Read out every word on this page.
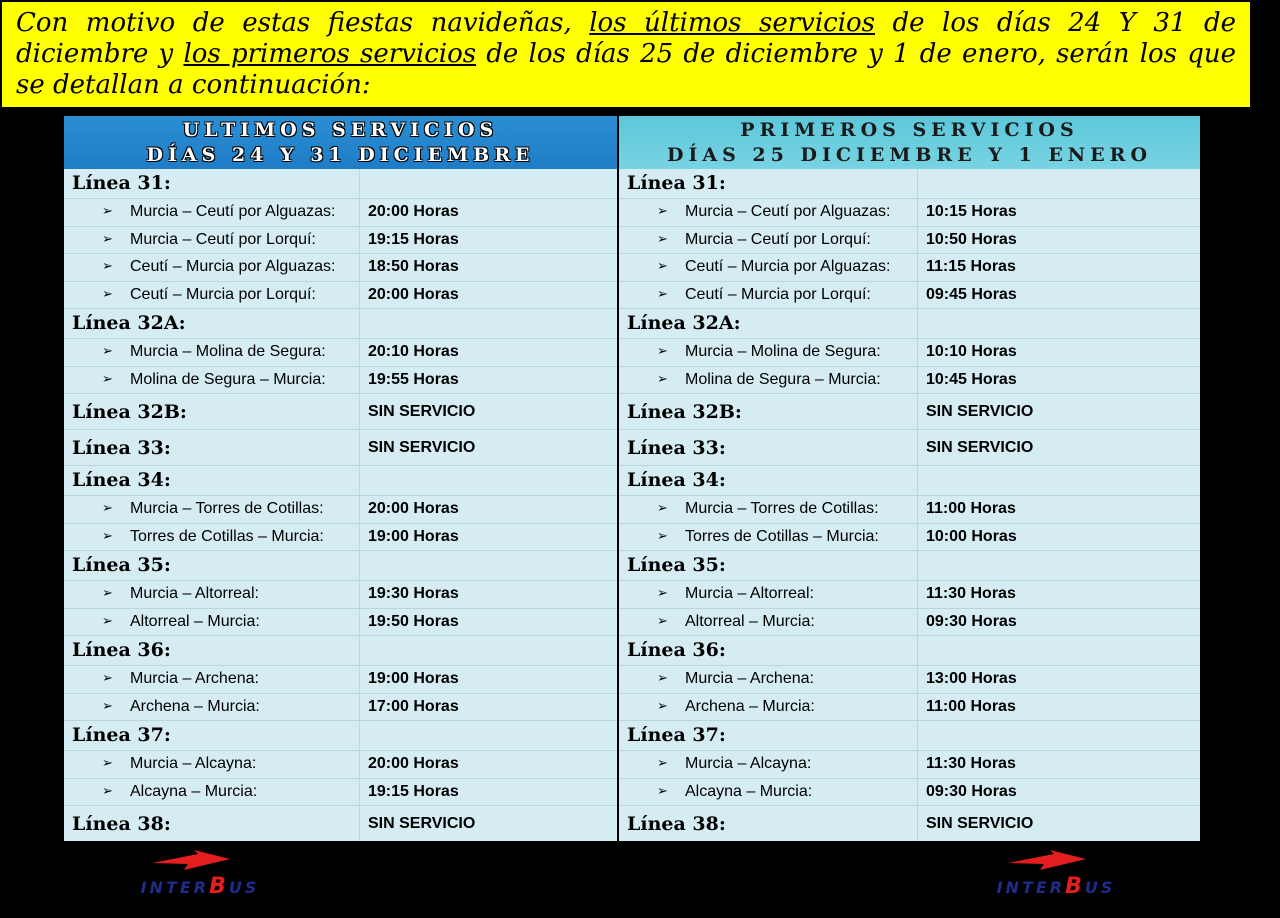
Con motivo de estas fiestas navideñas, los últimos servicios de los días 24 Y 31 de diciembre y los primeros servicios de los días 25 de diciembre y 1 de enero, serán los que se detallan a continuación:

ULTIMOS SERVICIOS
DÍAS 24 Y 31 DICIEMBRE
Línea 31:
➢ Murcia – Ceutí por Alguazas: 20:00 Horas
➢ Murcia – Ceutí por Lorquí:	19:15 Horas
➢ Ceutí – Murcia por Alguazas: 18:50 Horas
➢ Ceutí – Murcia por Lorquí:	20:00 Horas
Línea 32A:
➢ Murcia – Molina de Segura:	20:10 Horas
➢ Molina de Segura – Murcia:	19:55 Horas
Línea 32B:	SIN SERVICIO
Línea 33:	SIN SERVICIO
Línea 34:
➢ Murcia – Torres de Cotillas:	20:00 Horas
➢ Torres de Cotillas – Murcia:	19:00 Horas
Línea 35:
➢ Murcia – Altorreal:	19:30 Horas
➢ Altorreal – Murcia:	19:50 Horas
Línea 36:
➢ Murcia – Archena:	19:00 Horas
➢ Archena – Murcia:	17:00 Horas
Línea 37:
➢ Murcia – Alcayna:	20:00 Horas
➢ Alcayna – Murcia:	19:15 Horas
Línea 38:	SIN SERVICIO
PRIMEROS SERVICIOS
DÍAS 25 DICIEMBRE Y 1 ENERO
Línea 31:
➢ Murcia – Ceutí por Alguazas: 10:15 Horas
➢ Murcia – Ceutí por Lorquí:	10:50 Horas
➢ Ceutí – Murcia por Alguazas: 11:15 Horas
➢ Ceutí – Murcia por Lorquí:	09:45 Horas
Línea 32A:
➢ Murcia – Molina de Segura:	10:10 Horas
➢ Molina de Segura – Murcia:	10:45 Horas
Línea 32B:	SIN SERVICIO
Línea 33:	SIN SERVICIO
Línea 34:
➢ Murcia – Torres de Cotillas:	11:00 Horas
➢ Torres de Cotillas – Murcia:	10:00 Horas
Línea 35:
➢ Murcia – Altorreal:	11:30 Horas
➢ Altorreal – Murcia:	09:30 Horas
Línea 36:
➢ Murcia – Archena:	13:00 Horas
➢ Archena – Murcia:	11:00 Horas
Línea 37:
➢ Murcia – Alcayna:	11:30 Horas
➢ Alcayna – Murcia:	09:30 Horas
Línea 38:	SIN SERVICIO
INTERBUS	INTERBUS
